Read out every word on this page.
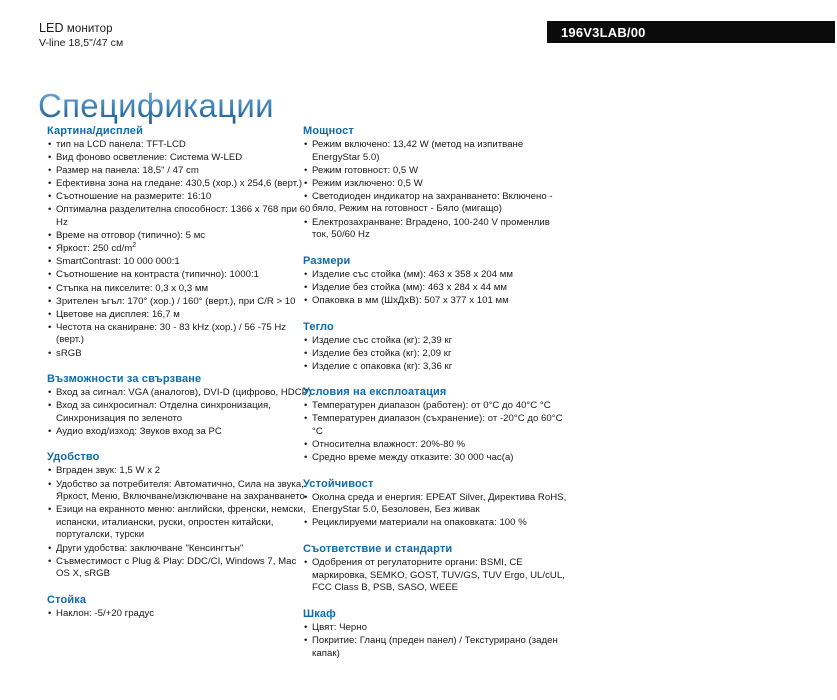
LED монитор
V-line 18,5"/47 см
196V3LAB/00
Спецификации
Картина/дисплей
• тип на LCD панела: TFT-LCD
• Вид фоново осветление: Система W-LED
• Размер на панела: 18,5" / 47 cm
• Ефективна зона на гледане: 430,5 (хор.) x 254,6 (верт.)
• Съотношение на размерите: 16:10
• Оптимална разделителна способност: 1366 x 768 при 60 Hz
• Време на отговор (типично): 5 мс
• Яркост: 250 $cd/m^2$
• SmartContrast: 10 000 000:1
• Съотношение на контраста (типично): 1000:1
• Стъпка на пикселите: 0,3 x 0,3 мм
• Зрителен ъгъл: 170° (хор.) / 160° (верт.), при C/R > 10
• Цветове на дисплея: 16,7 м
• Честота на сканиране: 30 - 83 kHz (хор.) / 56 -75 Hz (верт.)
• sRGB
Възможности за свързване
• Вход за сигнал: VGA (аналогов), DVI-D (цифрово, HDCP)
• Вход за синхросигнал: Отделна синхронизация, Синхронизация по зеленото
• Аудио вход/изход: Звуков вход за PC
Удобство
• Вграден звук: 1,5 W x 2
• Удобство за потребителя: Автоматично, Сила на звука, Яркост, Меню, Включване/изключване на захранването
• Езици на екранното меню: английски, френски, немски, испански, италиански, руски, опростен китайски, португалски, турски
• Други удобства: заключване "Кенсингтън"
• Съвместимост с Plug & Play: DDC/CI, Windows 7, Mac OS X, sRGB
Стойка
• Наклон: -5/+20 градус
Мощност
• Режим включено: 13,42 W (метод на изпитване EnergyStar 5.0)
• Режим готовност: 0,5 W
• Режим изключено: 0,5 W
• Светодиоден индикатор на захранването: Включено - бяло, Режим на готовност - Бяло (мигащо)
• Електрозахранване: Вградено, 100-240 V променлив ток, 50/60 Hz
Размери
• Изделие със стойка (мм): 463 x 358 x 204 мм
• Изделие без стойка (мм): 463 x 284 x 44 мм
• Опаковка в мм (ШxДxВ): 507 x 377 x 101 мм
Тегло
• Изделие със стойка (кг): 2,39 кг
• Изделие без стойка (кг): 2,09 кг
• Изделие с опаковка (кг): 3,36 кг
Условия на експлоатация
• Температурен диапазон (работен): от 0°C до 40°C °C
• Температурен диапазон (съхранение): от -20°C до 60°C °C
• Относителна влажност: 20%-80 %
• Средно време между отказите: 30 000 час(а)
Устойчивост
• Околна среда и енергия: EPEAT Silver, Директива RoHS, EnergyStar 5.0, Безоловен, Без живак
• Рециклируеми материали на опаковката: 100 %
Съответствие и стандарти
• Одобрения от регулаторните органи: BSMI, CE маркировка, SEMKO, GOST, TUV/GS, TUV Ergo, UL/cUL, FCC Class B, PSB, SASO, WEEE
Шкаф
• Цвят: Черно
• Покритие: Гланц (преден панел) / Текстурирано (заден капак)
